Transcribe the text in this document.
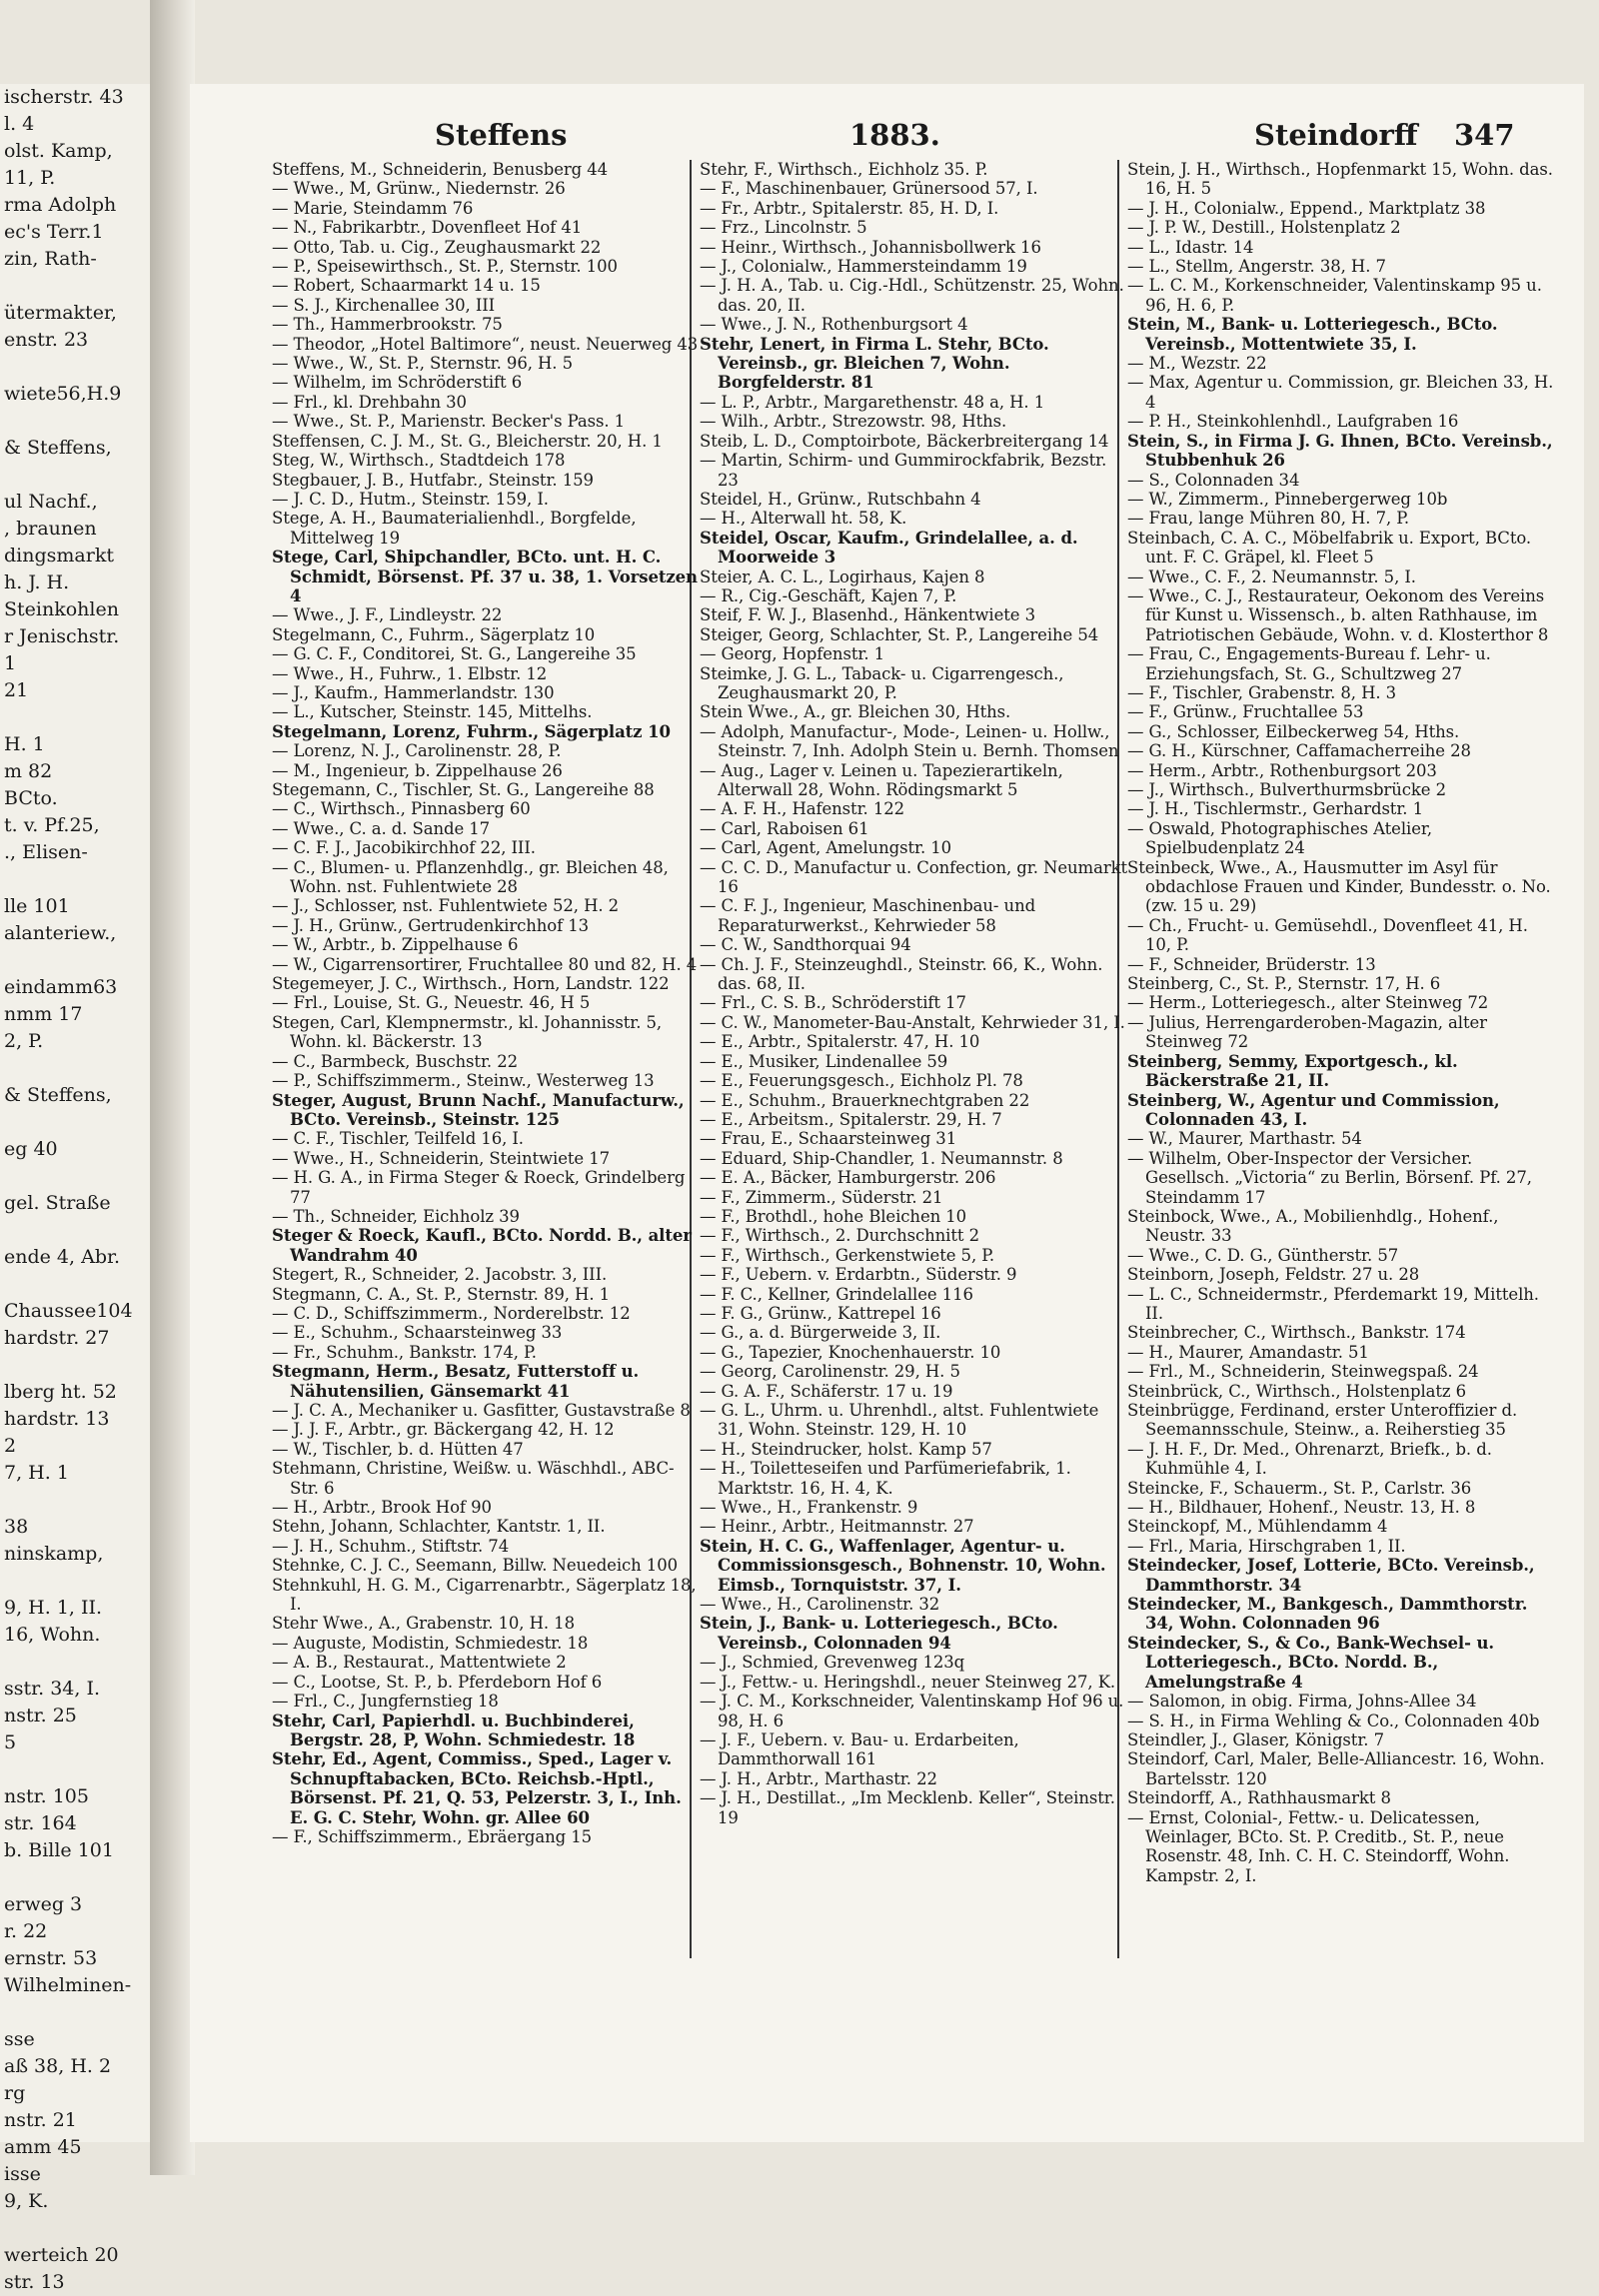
ischerstr. 43
l. 4
olst. Kamp,
11, P.
rma Adolph
ec's Terr.1
zin, Rath-

ütermakter,
enstr. 23

wiete56,H.9

& Steffens,

ul Nachf.,
, braunen
dingsmarkt
h. J. H.
Steinkohlen
r Jenischstr.
1
21

H. 1
m 82
BCto.
t. v. Pf.25,
., Elisen-

lle 101
alanteriew.,

eindamm63
nmm 17
2, P.

& Steffens,

eg 40

gel. Straße

ende 4, Abr.

Chaussee104
hardstr. 27

lberg ht. 52
hardstr. 13
2
7, H. 1

38
ninskamp,

9, H. 1, II.
16, Wohn.

sstr. 34, I.
nstr. 25
5

nstr. 105
str. 164
b. Bille 101

erweg 3
r. 22
ernstr. 53
Wilhelminen-

sse
aß 38, H. 2
rg
nstr. 21
amm 45
isse
9, K.

werteich 20
str. 13
Steffens	1883.	Steindorff 347

Steffens, M., Schneiderin, Benusberg 44

— Wwe., M, Grünw., Niedernstr. 26

— Marie, Steindamm 76

— N., Fabrikarbtr., Dovenfleet Hof 41

— Otto, Tab. u. Cig., Zeughausmarkt 22

— P., Speisewirthsch., St. P., Sternstr. 100

— Robert, Schaarmarkt 14 u. 15

— S. J., Kirchenallee 30, III

— Th., Hammerbrookstr. 75

— Theodor, „Hotel Baltimore“, neust. Neuerweg 43

— Wwe., W., St. P., Sternstr. 96, H. 5

— Wilhelm, im Schröderstift 6

— Frl., kl. Drehbahn 30

— Wwe., St. P., Marienstr. Becker's Pass. 1

Steffensen, C. J. M., St. G., Bleicherstr. 20, H. 1

Steg, W., Wirthsch., Stadtdeich 178

Stegbauer, J. B., Hutfabr., Steinstr. 159

— J. C. D., Hutm., Steinstr. 159, I.

Stege, A. H., Baumaterialienhdl., Borgfelde, Mittelweg 19

Stege, Carl, Shipchandler, BCto. unt. H. C. Schmidt, Börsenst. Pf. 37 u. 38, 1. Vorsetzen 4

— Wwe., J. F., Lindleystr. 22

Stegelmann, C., Fuhrm., Sägerplatz 10

— G. C. F., Conditorei, St. G., Langereihe 35

— Wwe., H., Fuhrw., 1. Elbstr. 12

— J., Kaufm., Hammerlandstr. 130

— L., Kutscher, Steinstr. 145, Mittelhs.

Stegelmann, Lorenz, Fuhrm., Sägerplatz 10

— Lorenz, N. J., Carolinenstr. 28, P.

— M., Ingenieur, b. Zippelhause 26

Stegemann, C., Tischler, St. G., Langereihe 88

— C., Wirthsch., Pinnasberg 60

— Wwe., C. a. d. Sande 17

— C. F. J., Jacobikirchhof 22, III.

— C., Blumen- u. Pflanzenhdlg., gr. Bleichen 48, Wohn. nst. Fuhlentwiete 28

— J., Schlosser, nst. Fuhlentwiete 52, H. 2

— J. H., Grünw., Gertrudenkirchhof 13

— W., Arbtr., b. Zippelhause 6

— W., Cigarrensortirer, Fruchtallee 80 und 82, H. 4

Stegemeyer, J. C., Wirthsch., Horn, Landstr. 122

— Frl., Louise, St. G., Neuestr. 46, H 5

Stegen, Carl, Klempnermstr., kl. Johannisstr. 5, Wohn. kl. Bäckerstr. 13

— C., Barmbeck, Buschstr. 22

— P., Schiffszimmerm., Steinw., Westerweg 13

Steger, August, Brunn Nachf., Manufacturw., BCto. Vereinsb., Steinstr. 125

— C. F., Tischler, Teilfeld 16, I.

— Wwe., H., Schneiderin, Steintwiete 17

— H. G. A., in Firma Steger & Roeck, Grindelberg 77

— Th., Schneider, Eichholz 39

Steger & Roeck, Kaufl., BCto. Nordd. B., alter Wandrahm 40

Stegert, R., Schneider, 2. Jacobstr. 3, III.

Stegmann, C. A., St. P., Sternstr. 89, H. 1

— C. D., Schiffszimmerm., Norderelbstr. 12

— E., Schuhm., Schaarsteinweg 33

— Fr., Schuhm., Bankstr. 174, P.

Stegmann, Herm., Besatz, Futterstoff u. Nähutensilien, Gänsemarkt 41

— J. C. A., Mechaniker u. Gasfitter, Gustavstraße 8

— J. J. F., Arbtr., gr. Bäckergang 42, H. 12

— W., Tischler, b. d. Hütten 47

Stehmann, Christine, Weißw. u. Wäschhdl., ABC-Str. 6

— H., Arbtr., Brook Hof 90

Stehn, Johann, Schlachter, Kantstr. 1, II.

— J. H., Schuhm., Stiftstr. 74

Stehnke, C. J. C., Seemann, Billw. Neuedeich 100

Stehnkuhl, H. G. M., Cigarrenarbtr., Sägerplatz 18, I.

Stehr Wwe., A., Grabenstr. 10, H. 18

— Auguste, Modistin, Schmiedestr. 18

— A. B., Restaurat., Mattentwiete 2

— C., Lootse, St. P., b. Pferdeborn Hof 6

— Frl., C., Jungfernstieg 18

Stehr, Carl, Papierhdl. u. Buchbinderei, Bergstr. 28, P, Wohn. Schmiedestr. 18

Stehr, Ed., Agent, Commiss., Sped., Lager v. Schnupftabacken, BCto. Reichsb.-Hptl., Börsenst. Pf. 21, Q. 53, Pelzerstr. 3, I., Inh. E. G. C. Stehr, Wohn. gr. Allee 60

— F., Schiffszimmerm., Ebräergang 15

Stehr, F., Wirthsch., Eichholz 35. P.

— F., Maschinenbauer, Grünersood 57, I.

— Fr., Arbtr., Spitalerstr. 85, H. D, I.

— Frz., Lincolnstr. 5

— Heinr., Wirthsch., Johannisbollwerk 16

— J., Colonialw., Hammersteindamm 19

— J. H. A., Tab. u. Cig.-Hdl., Schützenstr. 25, Wohn. das. 20, II.

— Wwe., J. N., Rothenburgsort 4

Stehr, Lenert, in Firma L. Stehr, BCto. Vereinsb., gr. Bleichen 7, Wohn. Borgfelderstr. 81

— L. P., Arbtr., Margarethenstr. 48 a, H. 1

— Wilh., Arbtr., Strezowstr. 98, Hths.

Steib, L. D., Comptoirbote, Bäckerbreitergang 14

— Martin, Schirm- und Gummirockfabrik, Bezstr. 23

Steidel, H., Grünw., Rutschbahn 4

— H., Alterwall ht. 58, K.

Steidel, Oscar, Kaufm., Grindelallee, a. d. Moorweide 3

Steier, A. C. L., Logirhaus, Kajen 8

— R., Cig.-Geschäft, Kajen 7, P.

Steif, F. W. J., Blasenhd., Hänkentwiete 3

Steiger, Georg, Schlachter, St. P., Langereihe 54

— Georg, Hopfenstr. 1

Steimke, J. G. L., Taback- u. Cigarrengesch., Zeughausmarkt 20, P.

Stein Wwe., A., gr. Bleichen 30, Hths.

— Adolph, Manufactur-, Mode-, Leinen- u. Hollw., Steinstr. 7, Inh. Adolph Stein u. Bernh. Thomsen

— Aug., Lager v. Leinen u. Tapezierartikeln, Alterwall 28, Wohn. Rödingsmarkt 5

— A. F. H., Hafenstr. 122

— Carl, Raboisen 61

— Carl, Agent, Amelungstr. 10

— C. C. D., Manufactur u. Confection, gr. Neumarkt 16

— C. F. J., Ingenieur, Maschinenbau- und Reparaturwerkst., Kehrwieder 58

— C. W., Sandthorquai 94

— Ch. J. F., Steinzeughdl., Steinstr. 66, K., Wohn. das. 68, II.

— Frl., C. S. B., Schröderstift 17

— C. W., Manometer-Bau-Anstalt, Kehrwieder 31, I.

— E., Arbtr., Spitalerstr. 47, H. 10

— E., Musiker, Lindenallee 59

— E., Feuerungsgesch., Eichholz Pl. 78

— E., Schuhm., Brauerknechtgraben 22

— E., Arbeitsm., Spitalerstr. 29, H. 7

— Frau, E., Schaarsteinweg 31

— Eduard, Ship-Chandler, 1. Neumannstr. 8

— E. A., Bäcker, Hamburgerstr. 206

— F., Zimmerm., Süderstr. 21

— F., Brothdl., hohe Bleichen 10

— F., Wirthsch., 2. Durchschnitt 2

— F., Wirthsch., Gerkenstwiete 5, P.

— F., Uebern. v. Erdarbtn., Süderstr. 9

— F. C., Kellner, Grindelallee 116

— F. G., Grünw., Kattrepel 16

— G., a. d. Bürgerweide 3, II.

— G., Tapezier, Knochenhauerstr. 10

— Georg, Carolinenstr. 29, H. 5

— G. A. F., Schäferstr. 17 u. 19

— G. L., Uhrm. u. Uhrenhdl., altst. Fuhlentwiete 31, Wohn. Steinstr. 129, H. 10

— H., Steindrucker, holst. Kamp 57

— H., Toiletteseifen und Parfümeriefabrik, 1. Marktstr. 16, H. 4, K.

— Wwe., H., Frankenstr. 9

— Heinr., Arbtr., Heitmannstr. 27

Stein, H. C. G., Waffenlager, Agentur- u. Commissionsgesch., Bohnenstr. 10, Wohn. Eimsb., Tornquiststr. 37, I.

— Wwe., H., Carolinenstr. 32

Stein, J., Bank- u. Lotteriegesch., BCto. Vereinsb., Colonnaden 94

— J., Schmied, Grevenweg 123q

— J., Fettw.- u. Heringshdl., neuer Steinweg 27, K.

— J. C. M., Korkschneider, Valentinskamp Hof 96 u. 98, H. 6

— J. F., Uebern. v. Bau- u. Erdarbeiten, Dammthorwall 161

— J. H., Arbtr., Marthastr. 22

— J. H., Destillat., „Im Mecklenb. Keller“, Steinstr. 19

Stein, J. H., Wirthsch., Hopfenmarkt 15, Wohn. das. 16, H. 5

— J. H., Colonialw., Eppend., Marktplatz 38

— J. P. W., Destill., Holstenplatz 2

— L., Idastr. 14

— L., Stellm, Angerstr. 38, H. 7

— L. C. M., Korkenschneider, Valentinskamp 95 u. 96, H. 6, P.

Stein, M., Bank- u. Lotteriegesch., BCto. Vereinsb., Mottentwiete 35, I.

— M., Wezstr. 22

— Max, Agentur u. Commission, gr. Bleichen 33, H. 4

— P. H., Steinkohlenhdl., Laufgraben 16

Stein, S., in Firma J. G. Ihnen, BCto. Vereinsb., Stubbenhuk 26

— S., Colonnaden 34

— W., Zimmerm., Pinnebergerweg 10b

— Frau, lange Mühren 80, H. 7, P.

Steinbach, C. A. C., Möbelfabrik u. Export, BCto. unt. F. C. Gräpel, kl. Fleet 5

— Wwe., C. F., 2. Neumannstr. 5, I.

— Wwe., C. J., Restaurateur, Oekonom des Vereins für Kunst u. Wissensch., b. alten Rathhause, im Patriotischen Gebäude, Wohn. v. d. Klosterthor 8

— Frau, C., Engagements-Bureau f. Lehr- u. Erziehungsfach, St. G., Schultzweg 27

— F., Tischler, Grabenstr. 8, H. 3

— F., Grünw., Fruchtallee 53

— G., Schlosser, Eilbeckerweg 54, Hths.

— G. H., Kürschner, Caffamacherreihe 28

— Herm., Arbtr., Rothenburgsort 203

— J., Wirthsch., Bulverthurmsbrücke 2

— J. H., Tischlermstr., Gerhardstr. 1

— Oswald, Photographisches Atelier, Spielbudenplatz 24

Steinbeck, Wwe., A., Hausmutter im Asyl für obdachlose Frauen und Kinder, Bundesstr. o. No. (zw. 15 u. 29)

— Ch., Frucht- u. Gemüsehdl., Dovenfleet 41, H. 10, P.

— F., Schneider, Brüderstr. 13

Steinberg, C., St. P., Sternstr. 17, H. 6

— Herm., Lotteriegesch., alter Steinweg 72

— Julius, Herrengarderoben-Magazin, alter Steinweg 72

Steinberg, Semmy, Exportgesch., kl. Bäckerstraße 21, II.

Steinberg, W., Agentur und Commission, Colonnaden 43, I.

— W., Maurer, Marthastr. 54

— Wilhelm, Ober-Inspector der Versicher. Gesellsch. „Victoria“ zu Berlin, Börsenf. Pf. 27, Steindamm 17

Steinbock, Wwe., A., Mobilienhdlg., Hohenf., Neustr. 33

— Wwe., C. D. G., Güntherstr. 57

Steinborn, Joseph, Feldstr. 27 u. 28

— L. C., Schneidermstr., Pferdemarkt 19, Mittelh. II.

Steinbrecher, C., Wirthsch., Bankstr. 174

— H., Maurer, Amandastr. 51

— Frl., M., Schneiderin, Steinwegspaß. 24

Steinbrück, C., Wirthsch., Holstenplatz 6

Steinbrügge, Ferdinand, erster Unteroffizier d. Seemannsschule, Steinw., a. Reiherstieg 35

— J. H. F., Dr. Med., Ohrenarzt, Briefk., b. d. Kuhmühle 4, I.

Steincke, F., Schauerm., St. P., Carlstr. 36

— H., Bildhauer, Hohenf., Neustr. 13, H. 8

Steinckopf, M., Mühlendamm 4

— Frl., Maria, Hirschgraben 1, II.

Steindecker, Josef, Lotterie, BCto. Vereinsb., Dammthorstr. 34

Steindecker, M., Bankgesch., Dammthorstr. 34, Wohn. Colonnaden 96

Steindecker, S., & Co., Bank-Wechsel- u. Lotteriegesch., BCto. Nordd. B., Amelungstraße 4

— Salomon, in obig. Firma, Johns-Allee 34

— S. H., in Firma Wehling & Co., Colonnaden 40b

Steindler, J., Glaser, Königstr. 7

Steindorf, Carl, Maler, Belle-Alliancestr. 16, Wohn. Bartelsstr. 120

Steindorff, A., Rathhausmarkt 8

— Ernst, Colonial-, Fettw.- u. Delicatessen, Weinlager, BCto. St. P. Creditb., St. P., neue Rosenstr. 48, Inh. C. H. C. Steindorff, Wohn. Kampstr. 2, I.
